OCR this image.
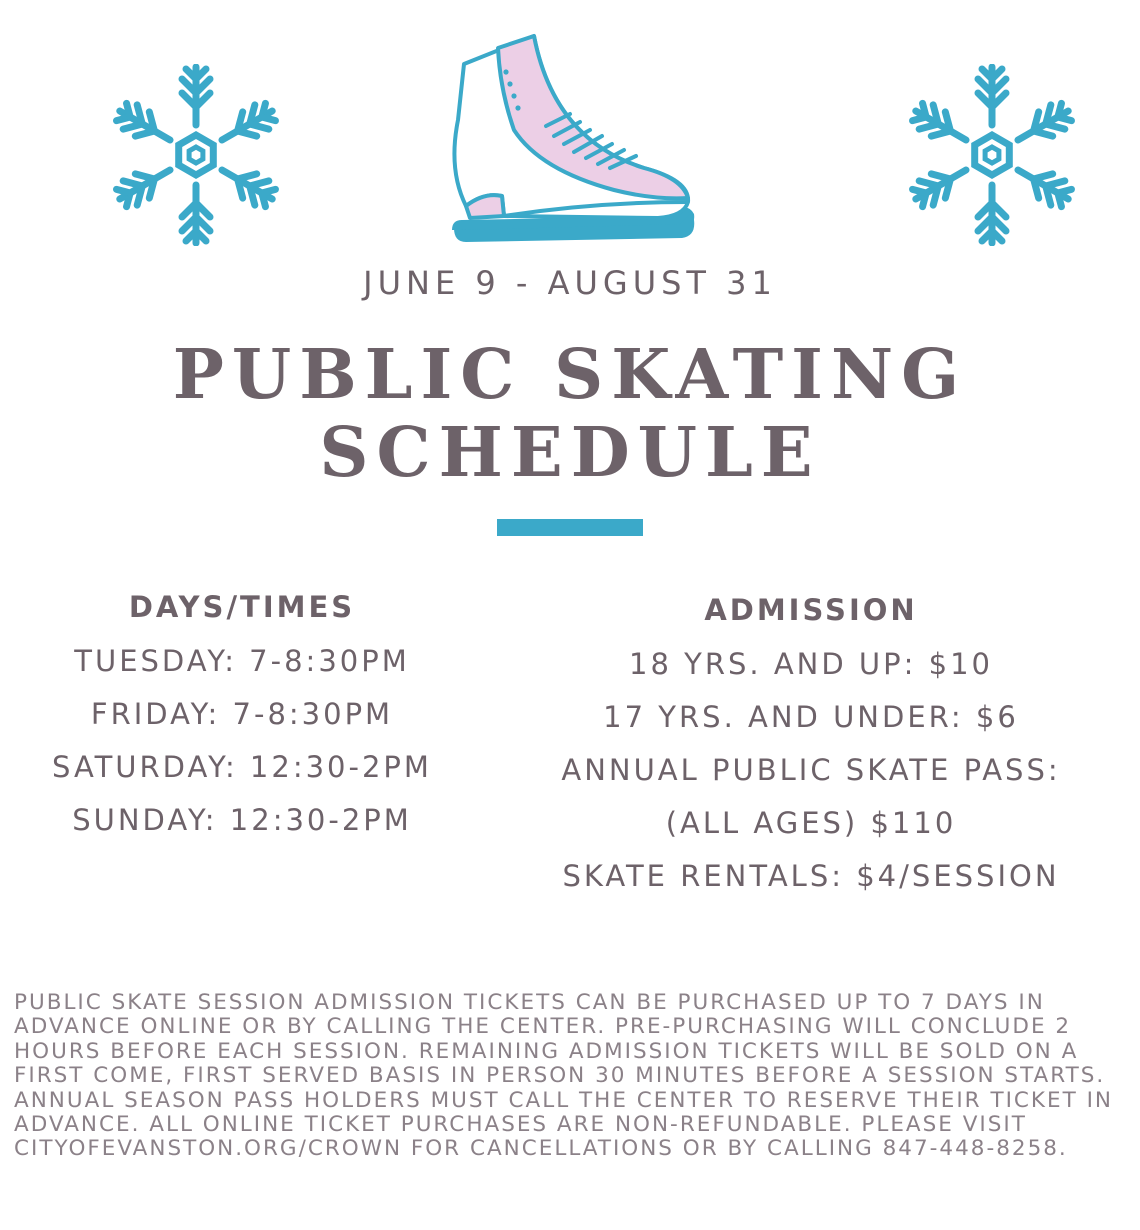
JUNE 9 - AUGUST 31
PUBLIC SKATING
SCHEDULE
DAYS/TIMES
TUESDAY: 7-8:30PM
FRIDAY: 7-8:30PM
SATURDAY: 12:30-2PM
SUNDAY: 12:30-2PM
ADMISSION
18 YRS. AND UP: $10
17 YRS. AND UNDER: $6
ANNUAL PUBLIC SKATE PASS:
(ALL AGES) $110
SKATE RENTALS: $4/SESSION
PUBLIC SKATE SESSION ADMISSION TICKETS CAN BE PURCHASED UP TO 7 DAYS IN ADVANCE ONLINE OR BY CALLING THE CENTER. PRE-PURCHASING WILL CONCLUDE 2 HOURS BEFORE EACH SESSION. REMAINING ADMISSION TICKETS WILL BE SOLD ON A FIRST COME, FIRST SERVED BASIS IN PERSON 30 MINUTES BEFORE A SESSION STARTS. ANNUAL SEASON PASS HOLDERS MUST CALL THE CENTER TO RESERVE THEIR TICKET IN ADVANCE. ALL ONLINE TICKET PURCHASES ARE NON-REFUNDABLE. PLEASE VISIT CITYOFEVANSTON.ORG/CROWN FOR CANCELLATIONS OR BY CALLING 847-448-8258.
